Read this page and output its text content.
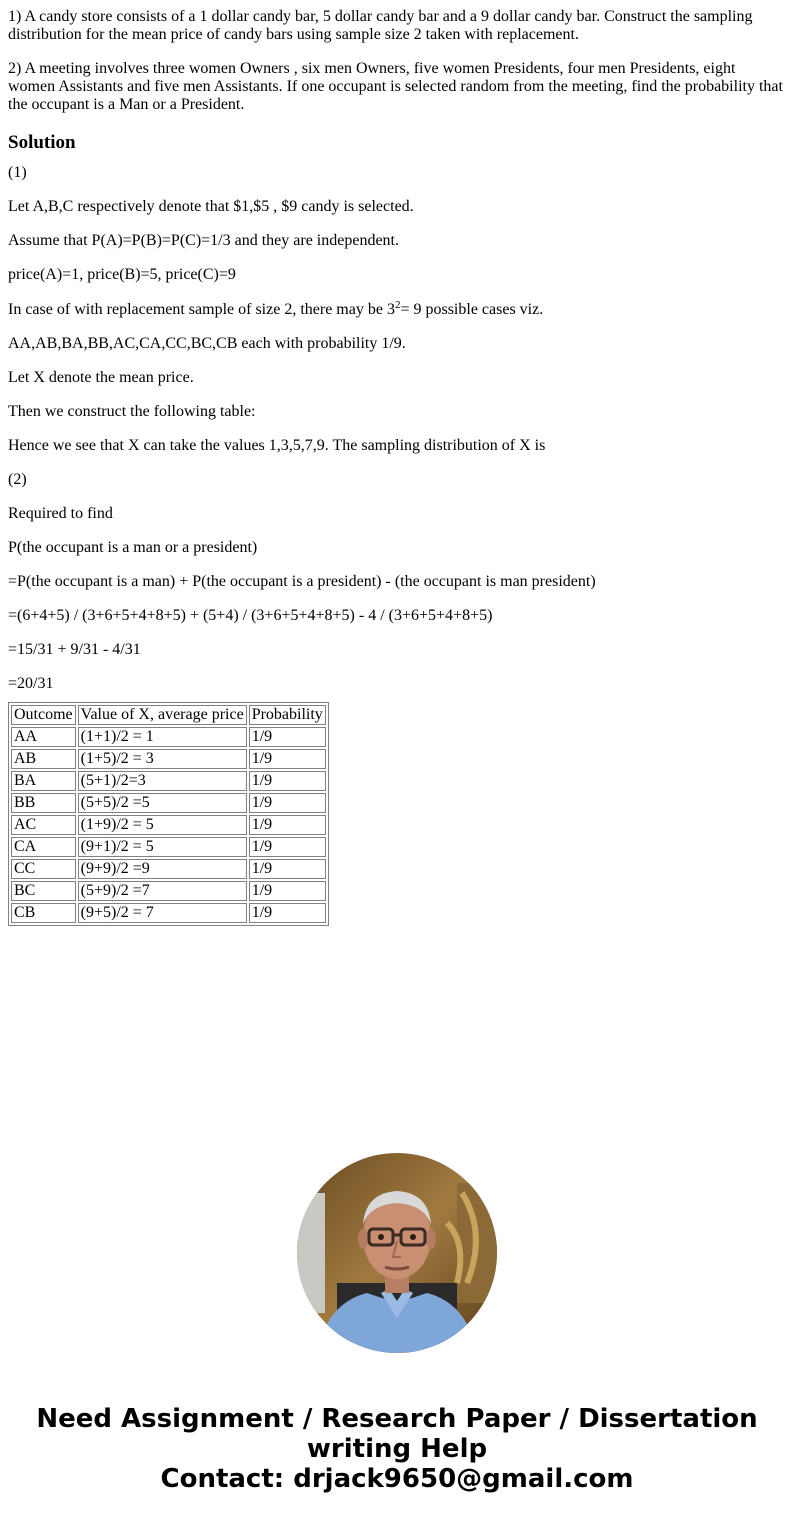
1) A candy store consists of a 1 dollar candy bar, 5 dollar candy bar and a 9 dollar candy bar. Construct the sampling distribution for the mean price of candy bars using sample size 2 taken with replacement.

2) A meeting involves three women Owners , six men Owners, five women Presidents, four men Presidents, eight women Assistants and five men Assistants. If one occupant is selected random from the meeting, find the probability that the occupant is a Man or a President.

Solution

(1)

Let A,B,C respectively denote that $1,$5 , $9 candy is selected.

Assume that P(A)=P(B)=P(C)=1/3 and they are independent.

price(A)=1, price(B)=5, price(C)=9

In case of with replacement sample of size 2, there may be $3^2= 9$ possible cases viz.

AA,AB,BA,BB,AC,CA,CC,BC,CB each with probability 1/9.

Let X denote the mean price.

Then we construct the following table:

Hence we see that X can take the values 1,3,5,7,9. The sampling distribution of X is

(2)

Required to find

P(the occupant is a man or a president)

=P(the occupant is a man) + P(the occupant is a president) - (the occupant is man president)

=(6+4+5) / (3+6+5+4+8+5) + (5+4) / (3+6+5+4+8+5) - 4 / (3+6+5+4+8+5)

=15/31 + 9/31 - 4/31

=20/31

Outcome	Value of X, average price	Probability
AA	(1+1)/2 = 1	1/9
AB	(1+5)/2 = 3	1/9
BA	(5+1)/2=3	1/9
BB	(5+5)/2 =5	1/9
AC	(1+9)/2 = 5	1/9
CA	(9+1)/2 = 5	1/9
CC	(9+9)/2 =9	1/9
BC	(5+9)/2 =7	1/9
CB	(9+5)/2 = 7	1/9
Need Assignment / Research Paper / Dissertation
writing Help
Contact: drjack9650@gmail.com
